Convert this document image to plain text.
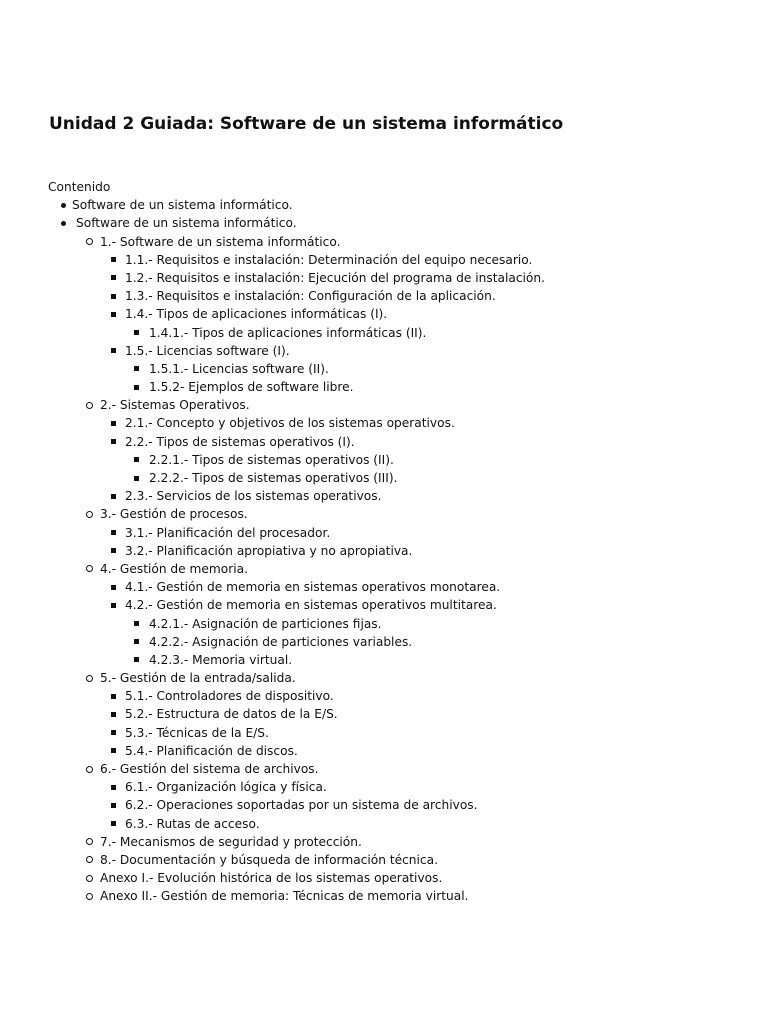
Unidad 2 Guiada: Software de un sistema informático
Contenido
Software de un sistema informático.
Software de un sistema informático.
1.- Software de un sistema informático.
1.1.- Requisitos e instalación: Determinación del equipo necesario.
1.2.- Requisitos e instalación: Ejecución del programa de instalación.
1.3.- Requisitos e instalación: Configuración de la aplicación.
1.4.- Tipos de aplicaciones informáticas (I).
1.4.1.- Tipos de aplicaciones informáticas (II).
1.5.- Licencias software (I).
1.5.1.- Licencias software (II).
1.5.2- Ejemplos de software libre.
2.- Sistemas Operativos.
2.1.- Concepto y objetivos de los sistemas operativos.
2.2.- Tipos de sistemas operativos (I).
2.2.1.- Tipos de sistemas operativos (II).
2.2.2.- Tipos de sistemas operativos (III).
2.3.- Servicios de los sistemas operativos.
3.- Gestión de procesos.
3.1.- Planificación del procesador.
3.2.- Planificación apropiativa y no apropiativa.
4.- Gestión de memoria.
4.1.- Gestión de memoria en sistemas operativos monotarea.
4.2.- Gestión de memoria en sistemas operativos multitarea.
4.2.1.- Asignación de particiones fijas.
4.2.2.- Asignación de particiones variables.
4.2.3.- Memoria virtual.
5.- Gestión de la entrada/salida.
5.1.- Controladores de dispositivo.
5.2.- Estructura de datos de la E/S.
5.3.- Técnicas de la E/S.
5.4.- Planificación de discos.
6.- Gestión del sistema de archivos.
6.1.- Organización lógica y física.
6.2.- Operaciones soportadas por un sistema de archivos.
6.3.- Rutas de acceso.
7.- Mecanismos de seguridad y protección.
8.- Documentación y búsqueda de información técnica.
Anexo I.- Evolución histórica de los sistemas operativos.
Anexo II.- Gestión de memoria: Técnicas de memoria virtual.
